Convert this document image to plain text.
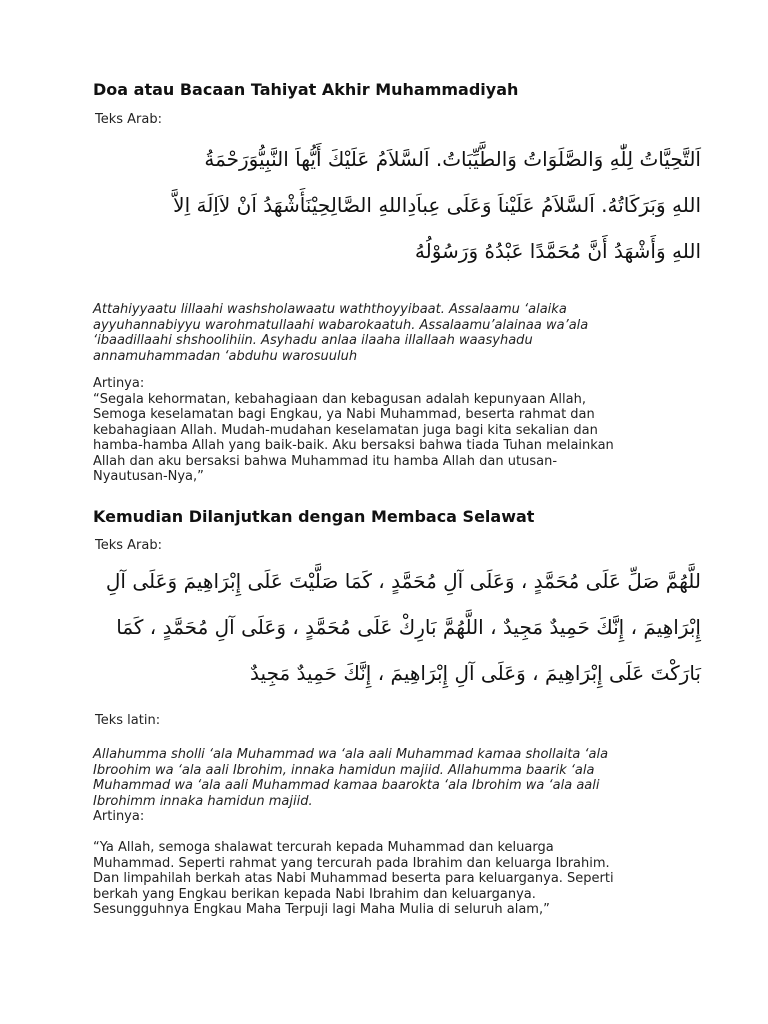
Doa atau Bacaan Tahiyat Akhir Muhammadiyah
Teks Arab:
اَلتَّحِيَّاتُ لِلّٰهِ وَالصَّلَوَاتُ وَالطَّيِّبَاتُ. اَلسَّلاَمُ عَلَيْكَ أَيُّهاَ النَّبِيُّوَرَحْمَةُ
اللهِ وَبَرَكَاتُهُ. اَلسَّلاَمُ عَلَيْناَ وَعَلَى عِباَدِاللهِ الصَّالِحِيْنَأَشْهَدُ اَنْ لاَاِلَهَ اِلاَّ
اللهِ وَأَشْهَدُ أَنَّ مُحَمَّدًا عَبْدُهُ وَرَسُوْلُهُ
Attahiyyaatu lillaahi washsholawaatu waththoyyibaat. Assalaamu ‘alaika
ayyuhannabiyyu warohmatullaahi wabarokaatuh. Assalaamu’alainaa wa’ala
‘ibaadillaahi shshoolihiin. Asyhadu anlaa ilaaha illallaah waasyhadu
annamuhammadan ‘abduhu warosuuluh
Artinya:
“Segala kehormatan, kebahagiaan dan kebagusan adalah kepunyaan Allah,
Semoga keselamatan bagi Engkau, ya Nabi Muhammad, beserta rahmat dan
kebahagiaan Allah. Mudah-mudahan keselamatan juga bagi kita sekalian dan
hamba-hamba Allah yang baik-baik. Aku bersaksi bahwa tiada Tuhan melainkan
Allah dan aku bersaksi bahwa Muhammad itu hamba Allah dan utusan-
Nyautusan-Nya,”
Kemudian Dilanjutkan dengan Membaca Selawat
Teks Arab:
للَّهُمَّ صَلِّ عَلَى مُحَمَّدٍ ، وَعَلَى آلِ مُحَمَّدٍ ، كَمَا صَلَّيْتَ عَلَى إِبْرَاهِيمَ وَعَلَى آلِ
إِبْرَاهِيمَ ، إِنَّكَ حَمِيدٌ مَجِيدٌ ، اللَّهُمَّ بَارِكْ عَلَى مُحَمَّدٍ ، وَعَلَى آلِ مُحَمَّدٍ ، كَمَا
بَارَكْتَ عَلَى إِبْرَاهِيمَ ، وَعَلَى آلِ إِبْرَاهِيمَ ، إِنَّكَ حَمِيدٌ مَجِيدٌ
Teks latin:
Allahumma sholli ‘ala Muhammad wa ‘ala aali Muhammad kamaa shollaita ‘ala
Ibroohim wa ‘ala aali Ibrohim, innaka hamidun majiid. Allahumma baarik ‘ala
Muhammad wa ‘ala aali Muhammad kamaa baarokta ‘ala Ibrohim wa ‘ala aali
Ibrohimm innaka hamidun majiid.
Artinya:
“Ya Allah, semoga shalawat tercurah kepada Muhammad dan keluarga
Muhammad. Seperti rahmat yang tercurah pada Ibrahim dan keluarga Ibrahim.
Dan limpahilah berkah atas Nabi Muhammad beserta para keluarganya. Seperti
berkah yang Engkau berikan kepada Nabi Ibrahim dan keluarganya.
Sesungguhnya Engkau Maha Terpuji lagi Maha Mulia di seluruh alam,”
